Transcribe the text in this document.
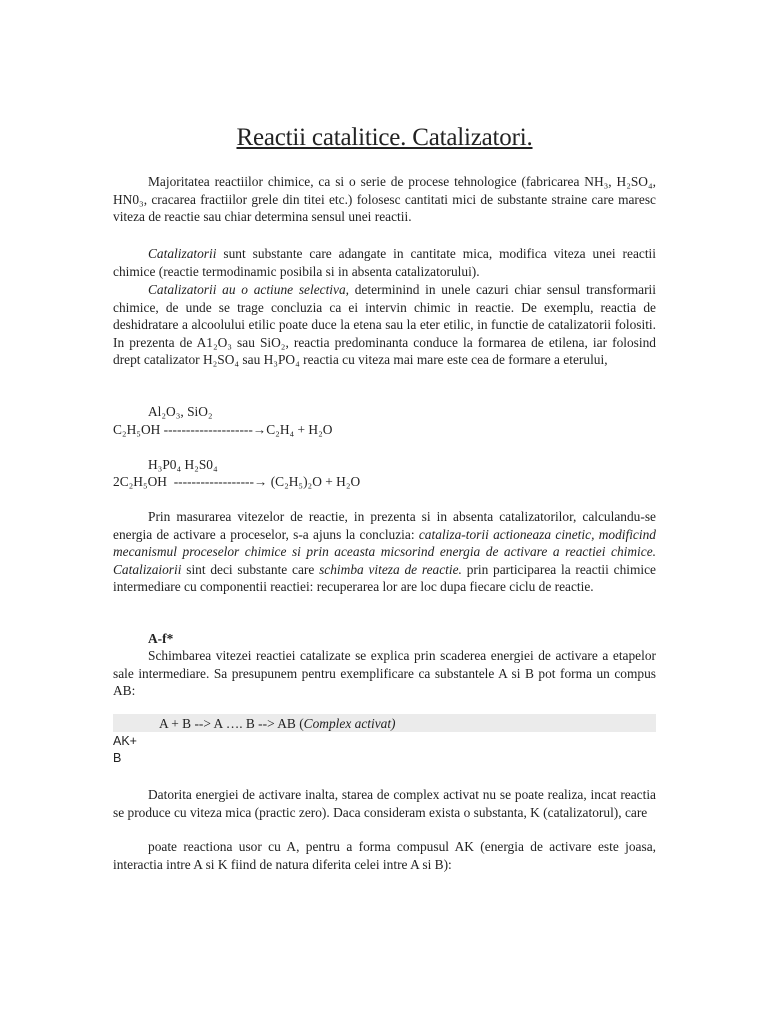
Reactii catalitice. Catalizatori.

Majoritatea reactiilor chimice, ca si o serie de procese tehnologice (fabricarea NH₃, H₂SO₄, HN0₃, cracarea fractiilor grele din titei etc.) folosesc cantitati mici de substante straine care maresc viteza de reactie sau chiar determina sensul unei reactii.

Catalizatorii sunt substante care adangate in cantitate mica, modifica viteza unei reactii chimice (reactie termodinamic posibila si in absenta catalizatorului).

Catalizatorii au o actiune selectiva, determinind in unele cazuri chiar sensul transformarii chimice, de unde se trage concluzia ca ei intervin chimic in reactie. De exemplu, reactia de deshidratare a alcoolului etilic poate duce la etena sau la eter etilic, in functie de catalizatorii folositi. In prezenta de A1₂O₃ sau SiO₂, reactia predominanta conduce la formarea de etilena, iar folosind drept catalizator H₂SO₄ sau H₃PO₄ reactia cu viteza mai mare este cea de formare a eterului,

Al₂O₃, SiO₂
C₂H₅OH --------------------→C₂H₄ + H₂O
H₃P0₄ H₂S0₄
2C₂H₅OH ------------------→ (C₂H₅)₂O + H₂O

Prin masurarea vitezelor de reactie, in prezenta si in absenta catalizatorilor, calculandu-se energia de activare a proceselor, s-a ajuns la concluzia: cataliza-torii actioneaza cinetic, modificind mecanismul proceselor chimice si prin aceasta micsorind energia de activare a reactiei chimice. Catalizaiorii sint deci substante care schimba viteza de reactie. prin participarea la reactii chimice intermediare cu componentii reactiei: recuperarea lor are loc dupa fiecare ciclu de reactie.

A-f*

Schimbarea vitezei reactiei catalizate se explica prin scaderea energiei de activare a etapelor sale intermediare. Sa presupunem pentru exemplificare ca substantele A si B pot forma un compus AB:

A + B --> A …. B --> AB (Complex activat)
AK+
B

Datorita energiei de activare inalta, starea de complex activat nu se poate realiza, incat reactia se produce cu viteza mica (practic zero). Daca consideram exista o substanta, K (catalizatorul), care

poate reactiona usor cu A, pentru a forma compusul AK (energia de activare este joasa, interactia intre A si K fiind de natura diferita celei intre A si B):
